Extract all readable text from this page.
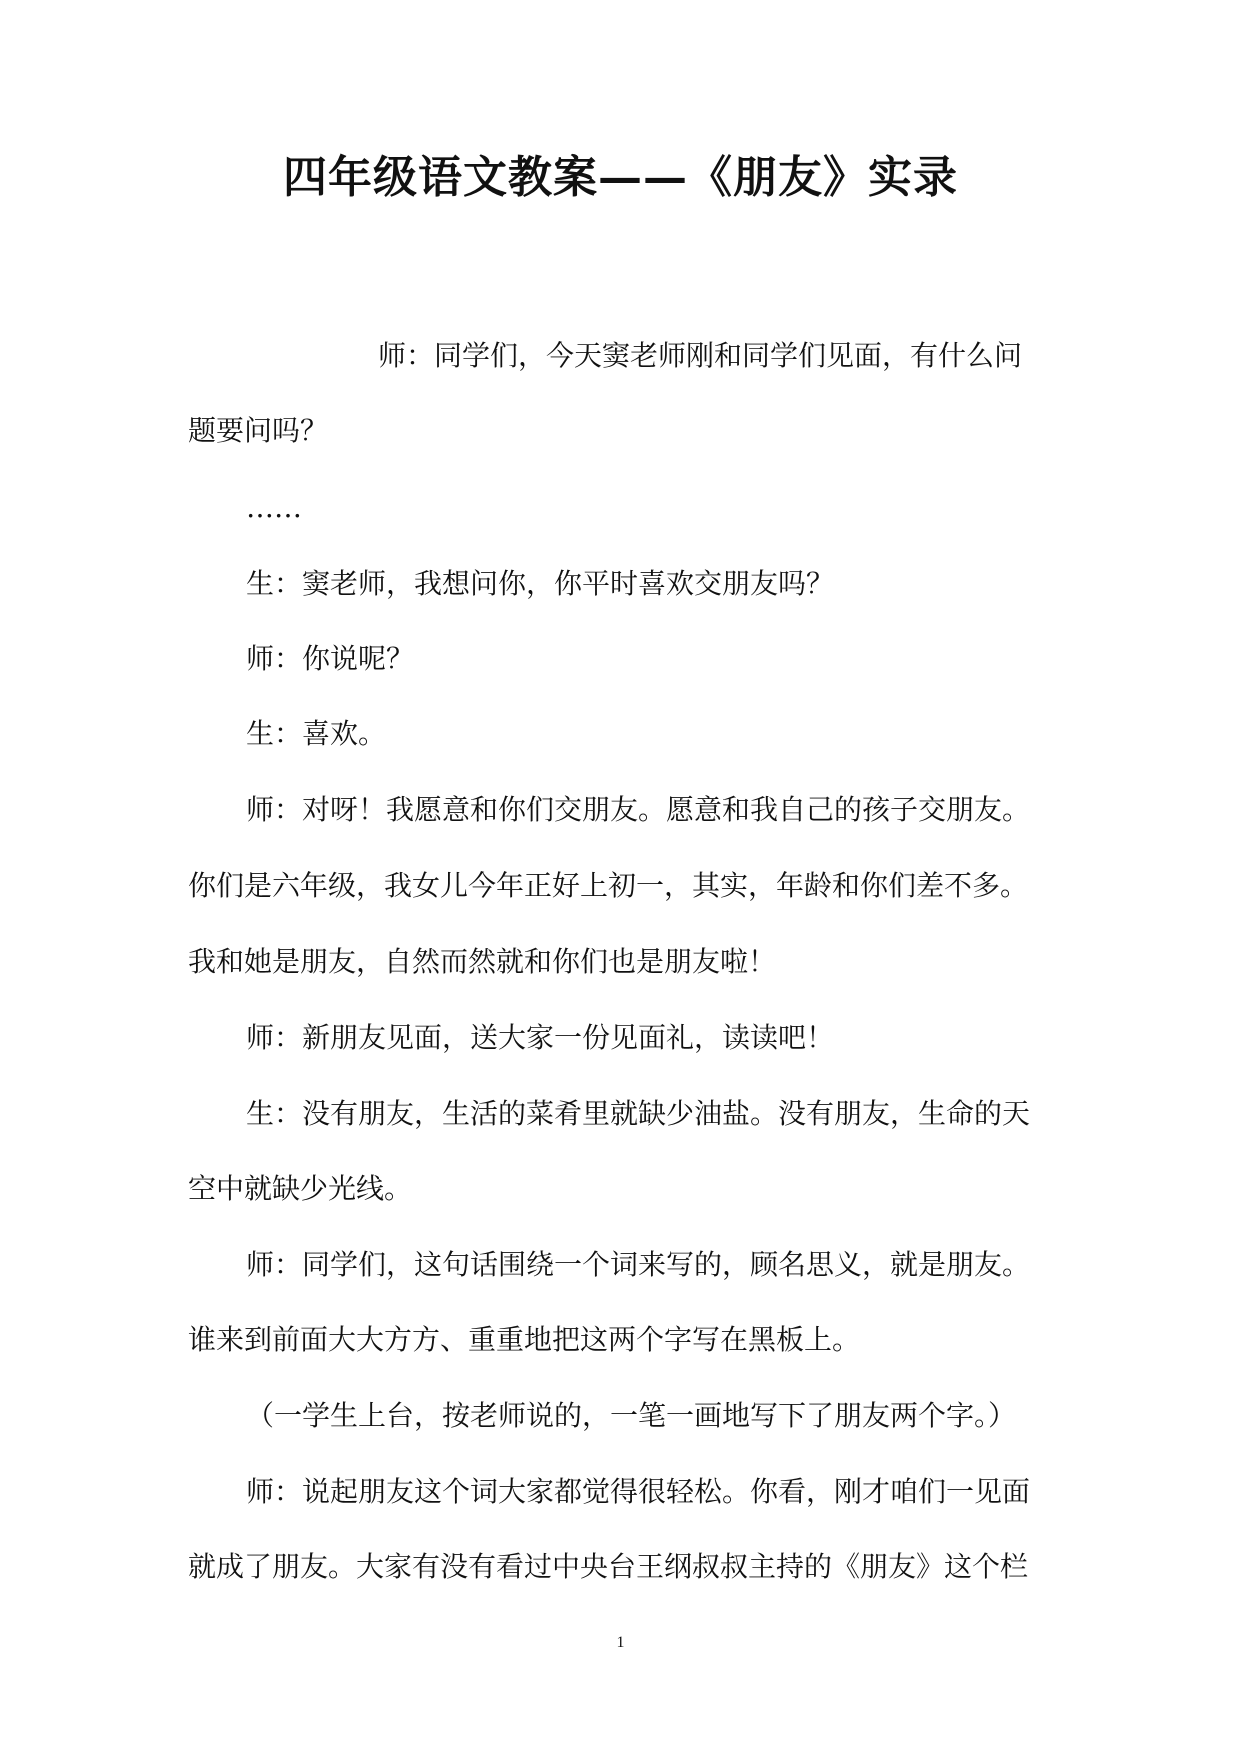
四年级语文教案——《朋友》实录
师：同学们，今天窦老师刚和同学们见面，有什么问
题要问吗？
……
生：窦老师，我想问你，你平时喜欢交朋友吗？
师：你说呢？
生：喜欢。
师：对呀！我愿意和你们交朋友。愿意和我自己的孩子交朋友。
你们是六年级，我女儿今年正好上初一，其实，年龄和你们差不多。
我和她是朋友，自然而然就和你们也是朋友啦！
师：新朋友见面，送大家一份见面礼，读读吧！
生：没有朋友，生活的菜肴里就缺少油盐。没有朋友，生命的天
空中就缺少光线。
师：同学们，这句话围绕一个词来写的，顾名思义，就是朋友。
谁来到前面大大方方、重重地把这两个字写在黑板上。
（一学生上台，按老师说的，一笔一画地写下了朋友两个字。）
师：说起朋友这个词大家都觉得很轻松。你看，刚才咱们一见面
就成了朋友。大家有没有看过中央台王纲叔叔主持的《朋友》这个栏
1
